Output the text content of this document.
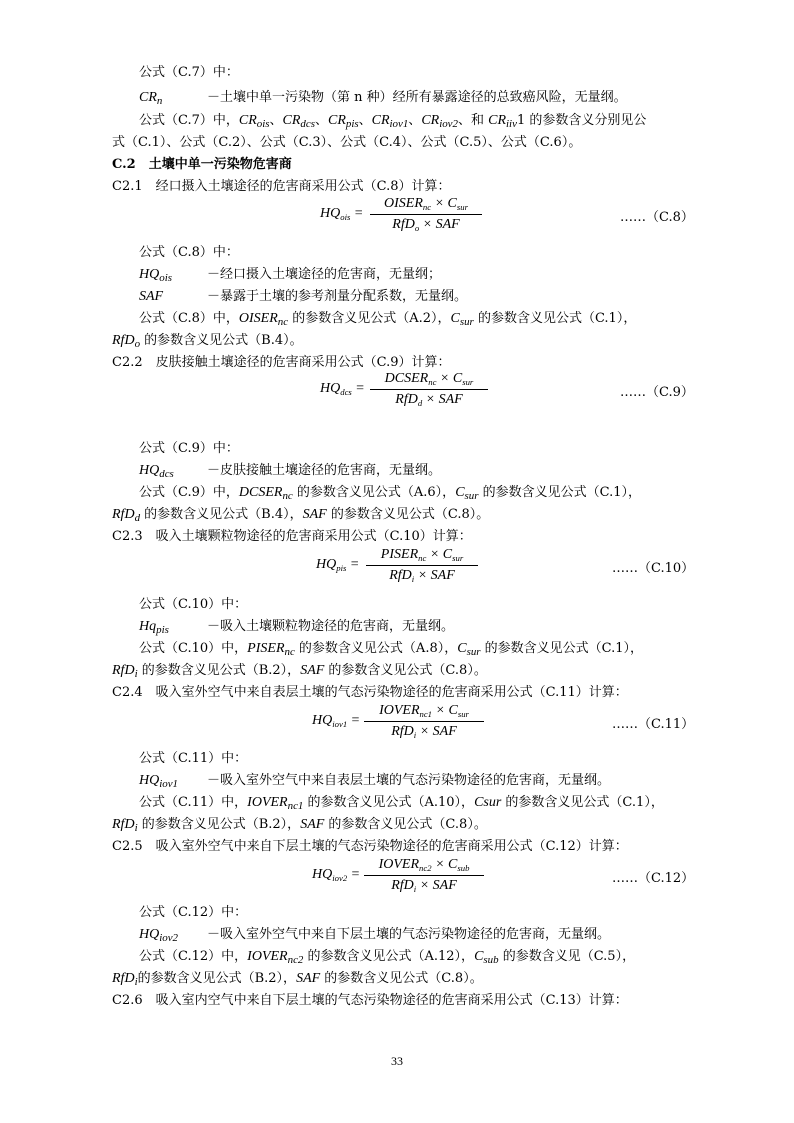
公式（C.7）中：
$CR_n$	－土壤中单一污染物（第 n 种）经所有暴露途径的总致癌风险，无量纲。
公式（C.7）中，$CR_{ois}$、$CR_{dcs}$、$CR_{pis}$、$CR_{iov1}$、$CR_{iov2}$、和 $CR_{iiv}1$ 的参数含义分别见公
式（C.1）、公式（C.2）、公式（C.3）、公式（C.4）、公式（C.5）、公式（C.6）。
C.2　土壤中单一污染物危害商
C2.1　经口摄入土壤途径的危害商采用公式（C.8）计算：
$HQ_{ois}$ =
$OISER_{nc} \times C_{sur}$
RfD$_o$ × SAF	……（C.8）
公式（C.8）中：
$HQ_{ois}$	－经口摄入土壤途径的危害商，无量纲；
SAF	－暴露于土壤的参考剂量分配系数，无量纲。
公式（C.8）中，$OISER_{nc}$ 的参数含义见公式（A.2），$C_{sur}$ 的参数含义见公式（C.1），
RfD$_o$ 的参数含义见公式（B.4）。
C2.2　皮肤接触土壤途径的危害商采用公式（C.9）计算：
$HQ_{dcs}$ =
$DCSER_{nc} \times C_{sur}$
RfD$_d$ × SAF	……（C.9）
公式（C.9）中：
$HQ_{dcs}$	－皮肤接触土壤途径的危害商，无量纲。
公式（C.9）中，$DCSER_{nc}$ 的参数含义见公式（A.6），$C_{sur}$ 的参数含义见公式（C.1），
RfD$_d$ 的参数含义见公式（B.4），SAF 的参数含义见公式（C.8）。
C2.3　吸入土壤颗粒物途径的危害商采用公式（C.10）计算：
$HQ_{pis}$ =
$PISER_{nc} \times C_{sur}$
RfD$_i$ × SAF	……（C.10）
公式（C.10）中：
$Hq_{pis}$	－吸入土壤颗粒物途径的危害商，无量纲。
公式（C.10）中，$PISER_{nc}$ 的参数含义见公式（A.8），$C_{sur}$ 的参数含义见公式（C.1），
RfD$_i$ 的参数含义见公式（B.2），SAF 的参数含义见公式（C.8）。
C2.4　吸入室外空气中来自表层土壤的气态污染物途径的危害商采用公式（C.11）计算：
$HQ_{iov1}$ =
$IOVER_{nc1} \times C_{sur}$
RfD$_i$ × SAF	……（C.11）
公式（C.11）中：
$HQ_{iov1}$ －吸入室外空气中来自表层土壤的气态污染物途径的危害商，无量纲。
公式（C.11）中，$IOVER_{nc1}$ 的参数含义见公式（A.10），Csur 的参数含义见公式（C.1），
RfD$_i$ 的参数含义见公式（B.2），SAF 的参数含义见公式（C.8）。
C2.5　吸入室外空气中来自下层土壤的气态污染物途径的危害商采用公式（C.12）计算：
$HQ_{iov2}$ =
$IOVER_{nc2} \times C_{sub}$
RfD$_i$ × SAF	……（C.12）
公式（C.12）中：
$HQ_{iov2}$ －吸入室外空气中来自下层土壤的气态污染物途径的危害商，无量纲。
公式（C.12）中，$IOVER_{nc2}$ 的参数含义见公式（A.12），$C_{sub}$ 的参数含义见（C.5），
RfD$_i$的参数含义见公式（B.2），SAF 的参数含义见公式（C.8）。
C2.6　吸入室内空气中来自下层土壤的气态污染物途径的危害商采用公式（C.13）计算：
33
